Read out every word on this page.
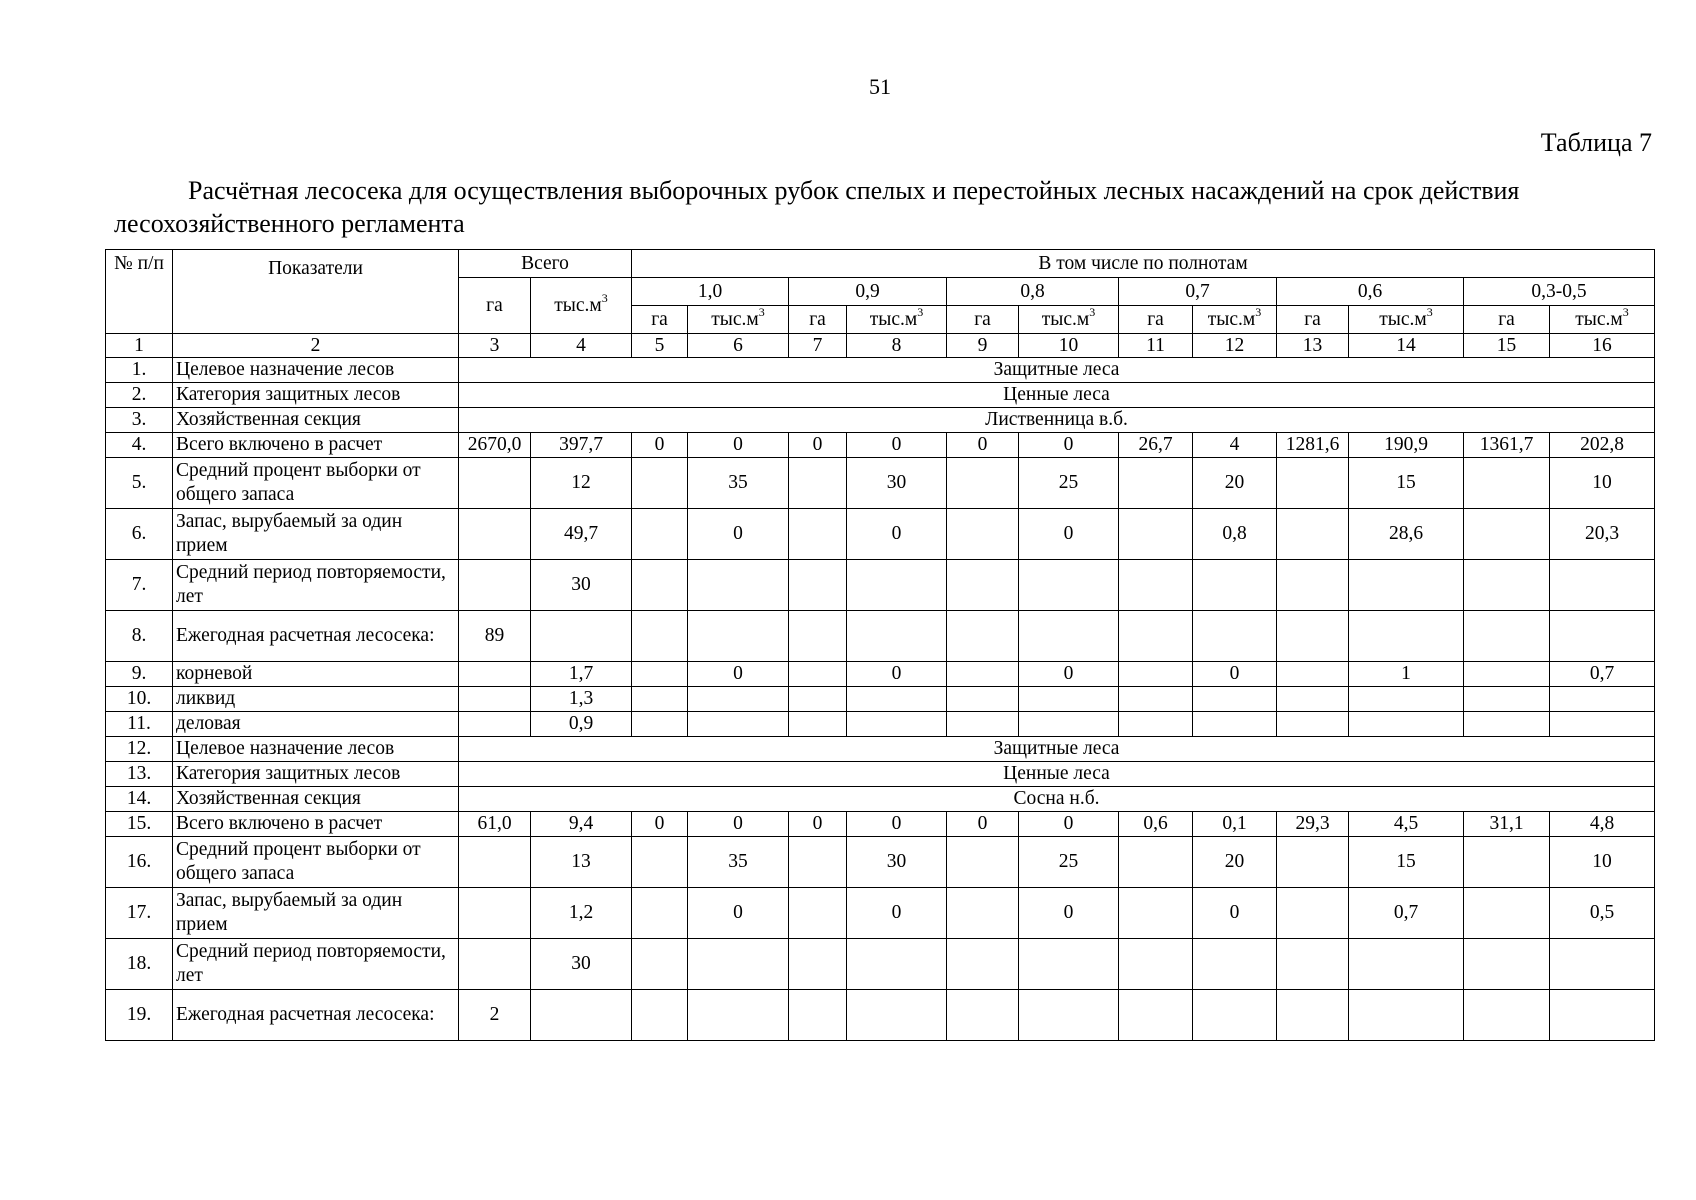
51
Таблица 7
Расчётная лесосека для осуществления выборочных рубок спелых и перестойных лесных насаждений на срок действия
лесохозяйственного регламента
№ п/п	Показатели	Всего		В том числе по полнотам											
		га	$тыс.м^3$	1,0		0,9		0,8		0,7		0,6		0,3-0,5	
				га	$тыс.м^3$	га	$тыс.м^3$	га	$тыс.м^3$	га	$тыс.м^3$	га	$тыс.м^3$	га	$тыс.м^3$
1	2	3	4	5	6	7	8	9	10	11	12	13	14	15	16
1.	Целевое назначение лесов	Защитные леса													
2.	Категория защитных лесов	Ценные леса													
3.	Хозяйственная секция	Лиственница в.б.													
4.	Всего включено в расчет	2670,0	397,7	0	0	0	0	0	0	26,7	4	1281,6	190,9	1361,7	202,8
5.	Средний процент выборки от общего запаса		12		35		30		25		20		15		10
6.	Запас, вырубаемый за один прием		49,7		0		0		0		0,8		28,6		20,3
7.	Средний период повторяемости, лет		30												
8.	Ежегодная расчетная лесосека:	89													
9.	корневой		1,7		0		0		0		0		1		0,7
10.	ликвид		1,3												
11.	деловая		0,9												
12.	Целевое назначение лесов	Защитные леса													
13.	Категория защитных лесов	Ценные леса													
14.	Хозяйственная секция	Сосна н.б.													
15.	Всего включено в расчет	61,0	9,4	0	0	0	0	0	0	0,6	0,1	29,3	4,5	31,1	4,8
16.	Средний процент выборки от общего запаса		13		35		30		25		20		15		10
17.	Запас, вырубаемый за один прием		1,2		0		0		0		0		0,7		0,5
18.	Средний период повторяемости, лет		30												
19.	Ежегодная расчетная лесосека:	2													
